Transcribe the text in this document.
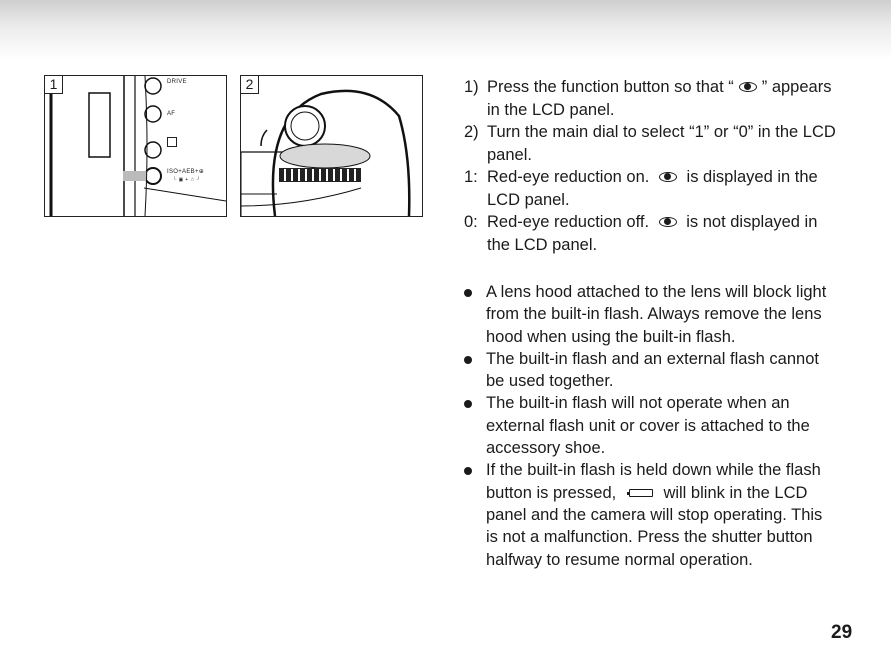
1	DRIVE
AF
ISO+AEB+⊕
└ ▣ + ☆ ┘
2	1) Press the function button so that “ ” appears in the LCD panel.
2) Turn the main dial to select “1” or “0” in the LCD panel.
1: Red-eye reduction on. is displayed in the LCD panel.
0: Red-eye reduction off. is not displayed in the LCD panel.
A lens hood attached to the lens will block light from the built-in flash. Always remove the lens hood when using the built-in flash.
The built-in flash and an external flash cannot be used together.
The built-in flash will not operate when an external flash unit or cover is attached to the accessory shoe.
If the built-in flash is held down while the flash button is pressed,	will blink in the LCD panel and the camera will stop operating. This is not a malfunction. Press the shutter button halfway to resume normal operation.
29
